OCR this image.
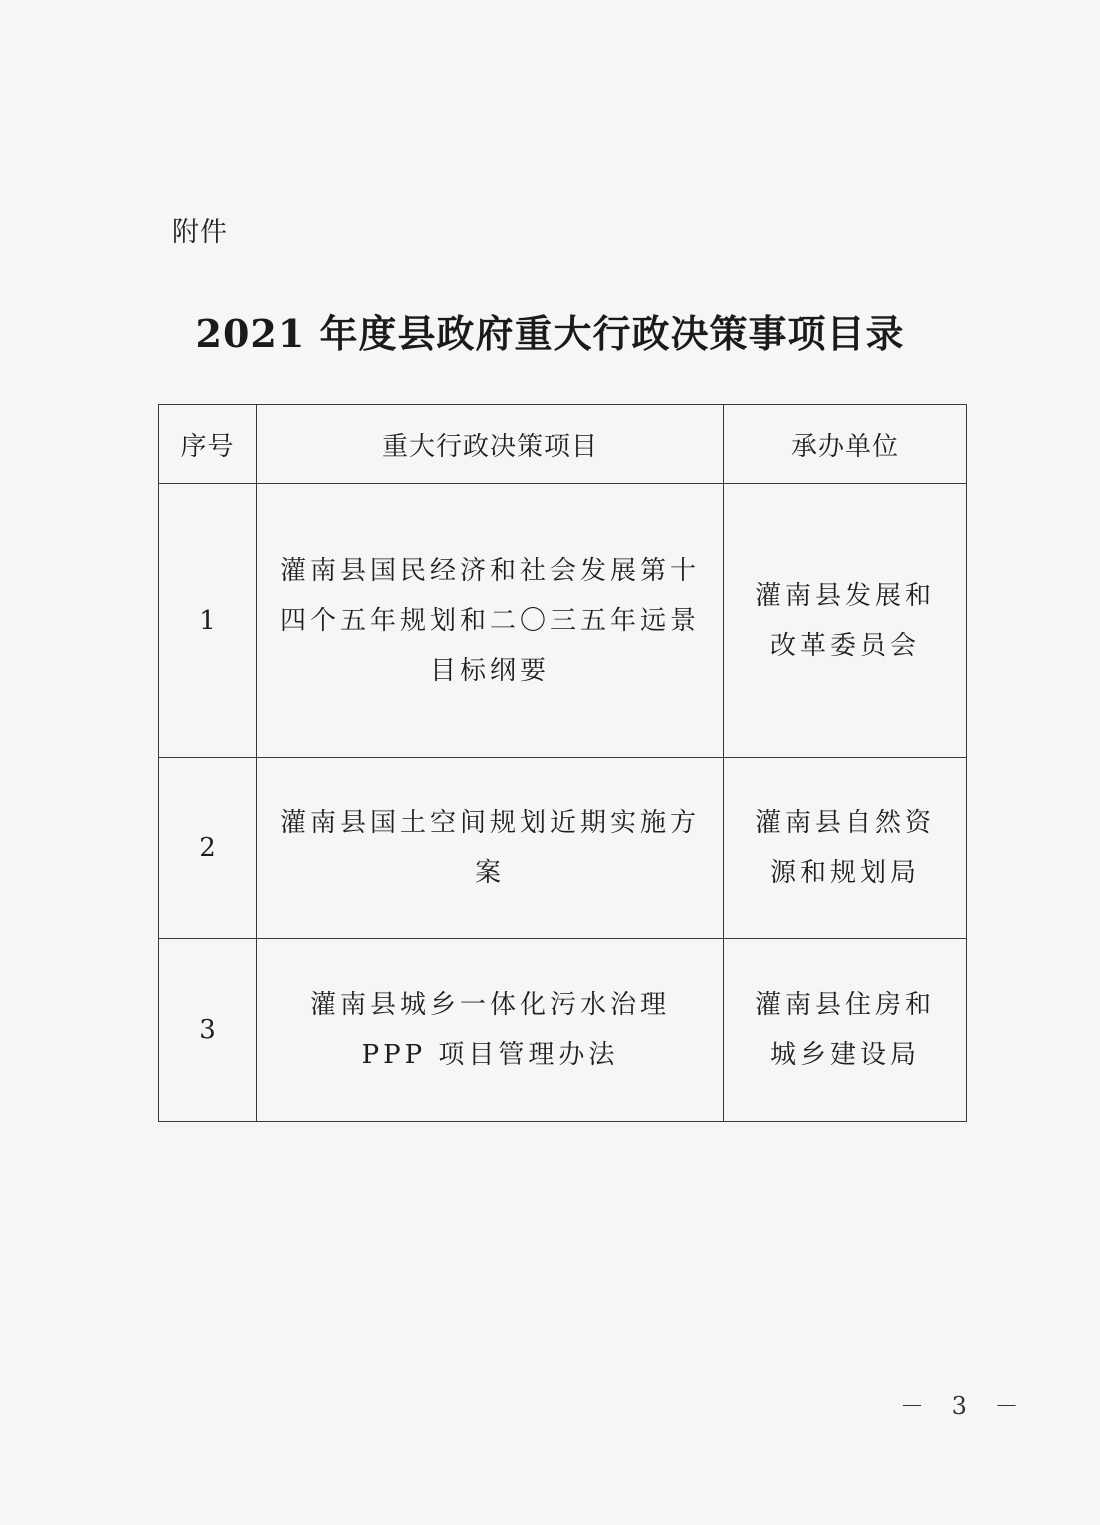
附件
2021 年度县政府重大行政决策事项目录
序号	重大行政决策项目	承办单位
1	灌南县国民经济和社会发展第十四个五年规划和二〇三五年远景目标纲要	灌南县发展和改革委员会
2	灌南县国土空间规划近期实施方案	灌南县自然资源和规划局
3	灌南县城乡一体化污水治理 PPP 项目管理办法	灌南县住房和城乡建设局
－ 3 －
